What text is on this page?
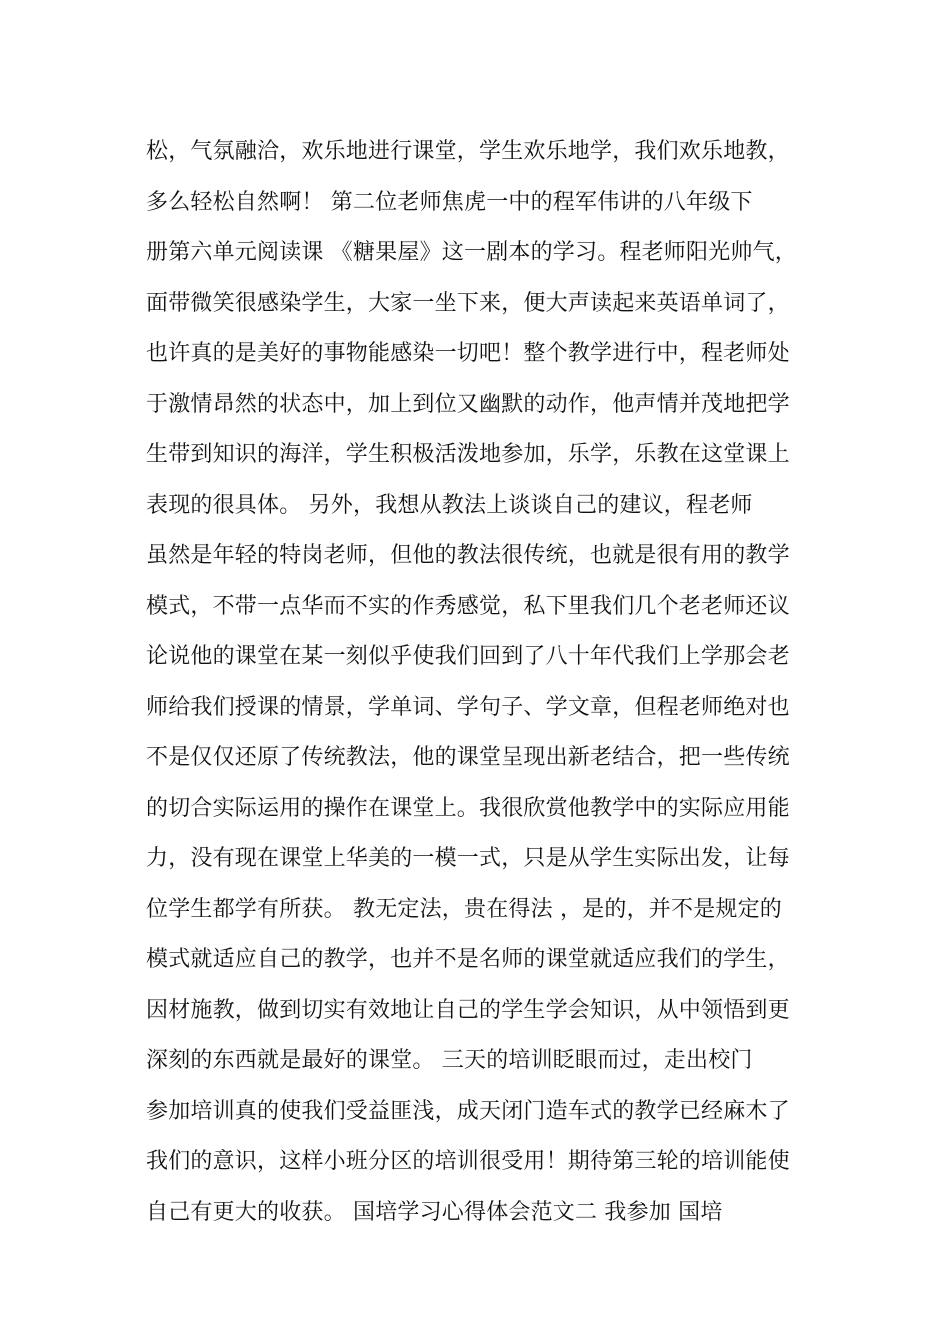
松，气氛融洽，欢乐地进行课堂，学生欢乐地学，我们欢乐地教，
多么轻松自然啊！ 第二位老师焦虎一中的程军伟讲的八年级下
册第六单元阅读课 《糖果屋》这一剧本的学习。程老师阳光帅气，
面带微笑很感染学生，大家一坐下来，便大声读起来英语单词了，
也许真的是美好的事物能感染一切吧！整个教学进行中，程老师处
于激情昂然的状态中，加上到位又幽默的动作，他声情并茂地把学
生带到知识的海洋，学生积极活泼地参加，乐学，乐教在这堂课上
表现的很具体。 另外，我想从教法上谈谈自己的建议，程老师
虽然是年轻的特岗老师，但他的教法很传统，也就是很有用的教学
模式，不带一点华而不实的作秀感觉，私下里我们几个老老师还议
论说他的课堂在某一刻似乎使我们回到了八十年代我们上学那会老
师给我们授课的情景，学单词、学句子、学文章，但程老师绝对也
不是仅仅还原了传统教法，他的课堂呈现出新老结合，把一些传统
的切合实际运用的操作在课堂上。我很欣赏他教学中的实际应用能
力，没有现在课堂上华美的一模一式，只是从学生实际出发，让每
位学生都学有所获。 教无定法，贵在得法 ，是的，并不是规定的
模式就适应自己的教学，也并不是名师的课堂就适应我们的学生，
因材施教，做到切实有效地让自己的学生学会知识，从中领悟到更
深刻的东西就是最好的课堂。 三天的培训眨眼而过，走出校门
参加培训真的使我们受益匪浅，成天闭门造车式的教学已经麻木了
我们的意识，这样小班分区的培训很受用！期待第三轮的培训能使
自己有更大的收获。 国培学习心得体会范文二 我参加 国培
